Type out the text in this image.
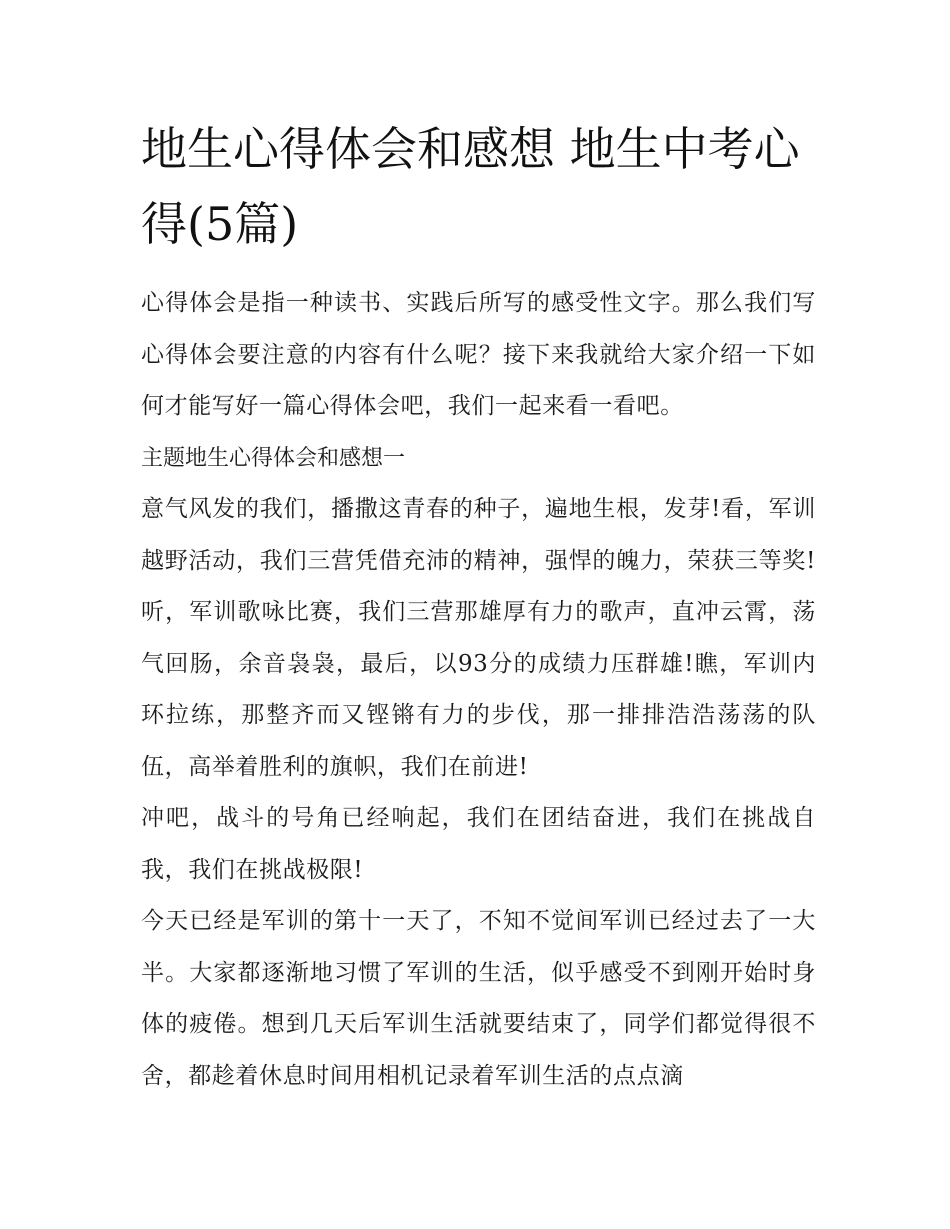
地生心得体会和感想 地生中考心得(5篇)

心得体会是指一种读书、实践后所写的感受性文字。那么我们写心得体会要注意的内容有什么呢？接下来我就给大家介绍一下如何才能写好一篇心得体会吧，我们一起来看一看吧。

主题地生心得体会和感想一

意气风发的我们，播撒这青春的种子，遍地生根，发芽!看，军训越野活动，我们三营凭借充沛的精神，强悍的魄力，荣获三等奖!听，军训歌咏比赛，我们三营那雄厚有力的歌声，直冲云霄，荡气回肠，余音袅袅，最后，以93分的成绩力压群雄!瞧，军训内环拉练，那整齐而又铿锵有力的步伐，那一排排浩浩荡荡的队伍，高举着胜利的旗帜，我们在前进!

冲吧，战斗的号角已经响起，我们在团结奋进，我们在挑战自我，我们在挑战极限!

今天已经是军训的第十一天了，不知不觉间军训已经过去了一大半。大家都逐渐地习惯了军训的生活，似乎感受不到刚开始时身体的疲倦。想到几天后军训生活就要结束了，同学们都觉得很不舍，都趁着休息时间用相机记录着军训生活的点点滴
